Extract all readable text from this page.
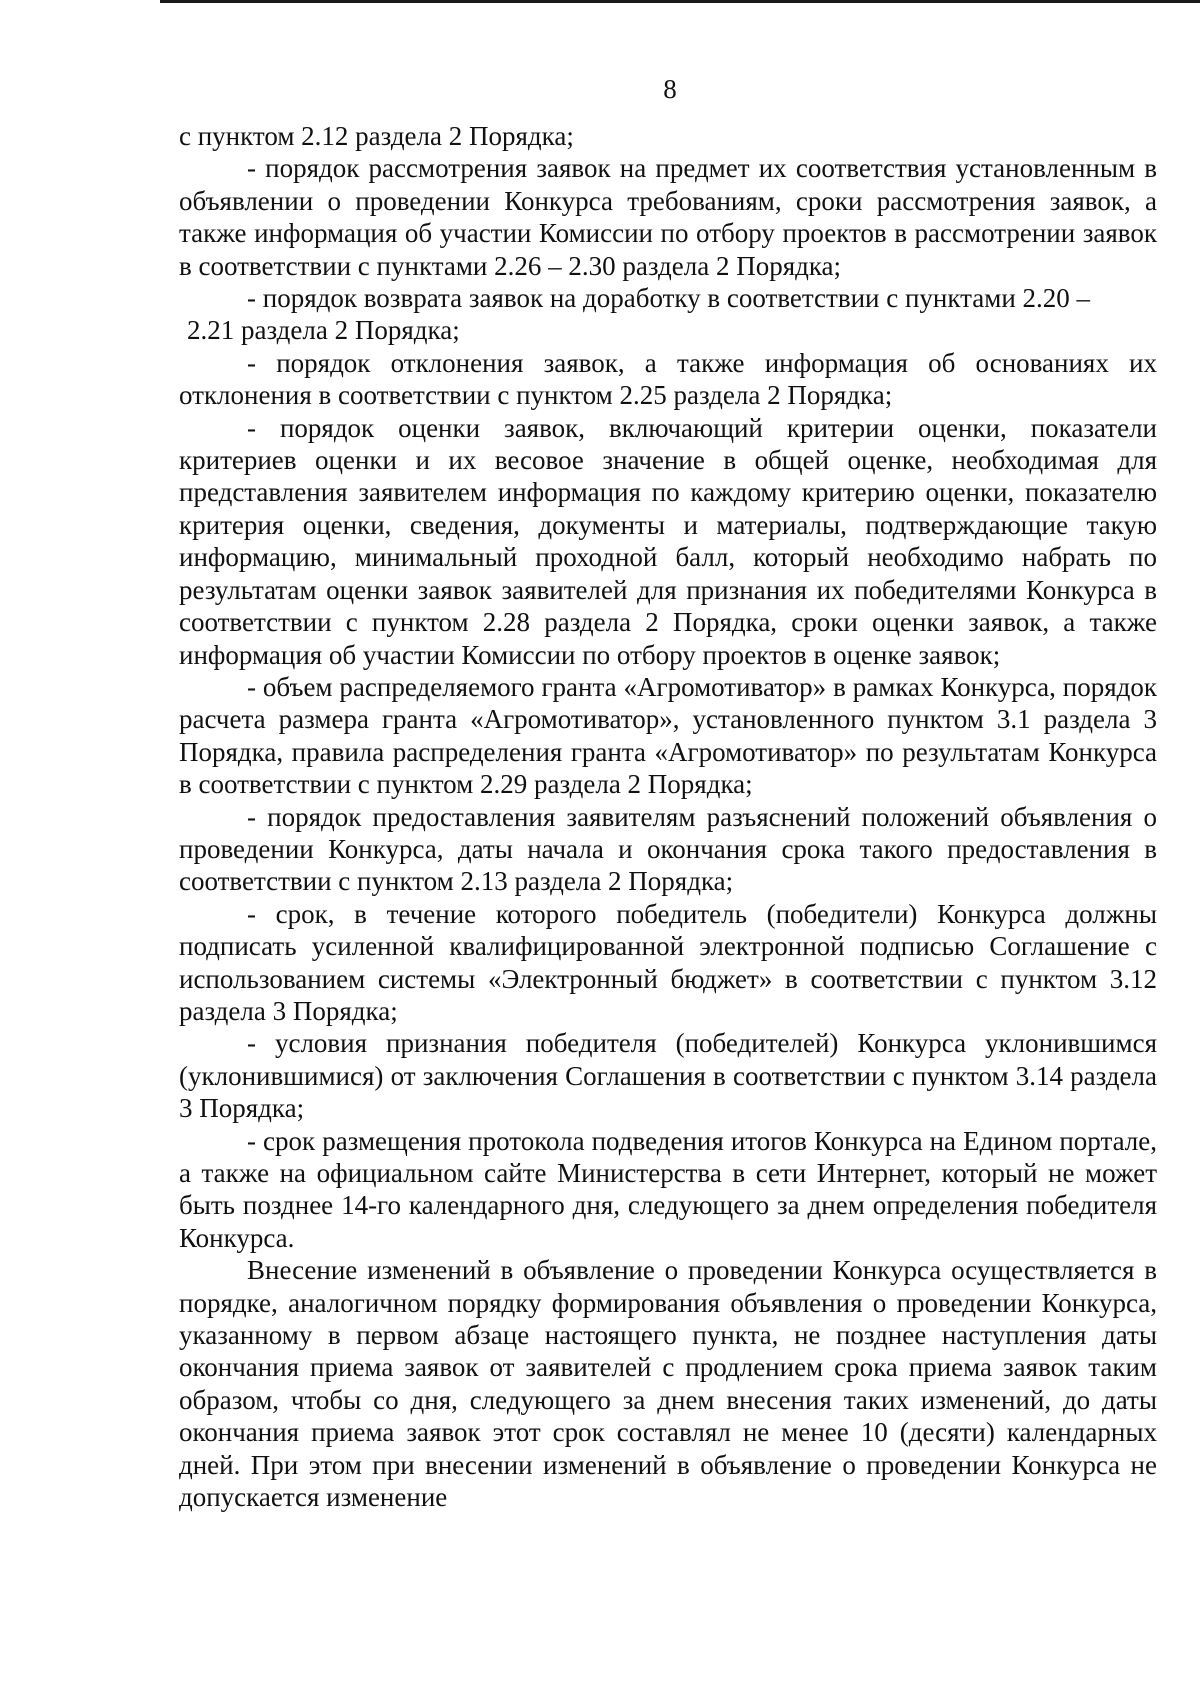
8

с пунктом 2.12 раздела 2 Порядка;

- порядок рассмотрения заявок на предмет их соответствия установленным в объявлении о проведении Конкурса требованиям, сроки рассмотрения заявок, а также информация об участии Комиссии по отбору проектов в рассмотрении заявок в соответствии с пунктами 2.26 – 2.30 раздела 2 Порядка;

- порядок возврата заявок на доработку в соответствии с пунктами 2.20 –

2.21 раздела 2 Порядка;

- порядок отклонения заявок, а также информация об основаниях их отклонения в соответствии с пунктом 2.25 раздела 2 Порядка;

- порядок оценки заявок, включающий критерии оценки, показатели критериев оценки и их весовое значение в общей оценке, необходимая для представления заявителем информация по каждому критерию оценки, показателю критерия оценки, сведения, документы и материалы, подтверждающие такую информацию, минимальный проходной балл, который необходимо набрать по результатам оценки заявок заявителей для признания их победителями Конкурса в соответствии с пунктом 2.28 раздела 2 Порядка, сроки оценки заявок, а также информация об участии Комиссии по отбору проектов в оценке заявок;

- объем распределяемого гранта «Агромотиватор» в рамках Конкурса, порядок расчета размера гранта «Агромотиватор», установленного пунктом 3.1 раздела 3 Порядка, правила распределения гранта «Агромотиватор» по результатам Конкурса в соответствии с пунктом 2.29 раздела 2 Порядка;

- порядок предоставления заявителям разъяснений положений объявления о проведении Конкурса, даты начала и окончания срока такого предоставления в соответствии с пунктом 2.13 раздела 2 Порядка;

- срок, в течение которого победитель (победители) Конкурса должны подписать усиленной квалифицированной электронной подписью Соглашение с использованием системы «Электронный бюджет» в соответствии с пунктом 3.12 раздела 3 Порядка;

- условия признания победителя (победителей) Конкурса уклонившимся (уклонившимися) от заключения Соглашения в соответствии с пунктом 3.14 раздела 3 Порядка;

- срок размещения протокола подведения итогов Конкурса на Едином портале, а также на официальном сайте Министерства в сети Интернет, который не может быть позднее 14-го календарного дня, следующего за днем определения победителя Конкурса.

Внесение изменений в объявление о проведении Конкурса осуществляется в порядке, аналогичном порядку формирования объявления о проведении Конкурса, указанному в первом абзаце настоящего пункта, не позднее наступления даты окончания приема заявок от заявителей с продлением срока приема заявок таким образом, чтобы со дня, следующего за днем внесения таких изменений, до даты окончания приема заявок этот срок составлял не менее 10 (десяти) календарных дней. При этом при внесении изменений в объявление о проведении Конкурса не допускается изменение
